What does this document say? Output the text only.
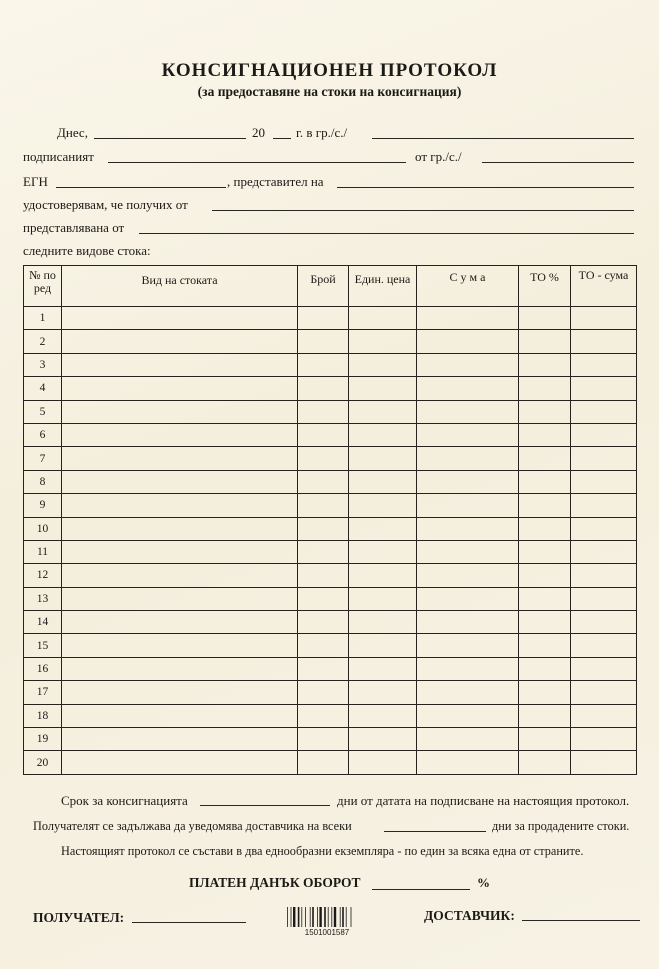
КОНСИГНАЦИОНЕН ПРОТОКОЛ
(за предоставяне на стоки на консигнация)
Днес,	20 г. в гр./с./
подписаният	от гр./с./
ЕГН	, представител на
удостоверявам, че получих от
представлявана от
следните видове стока:
№ по ред	Вид на стоката	Брой	Един. цена	С у м а	ТО %	ТО - сума
1						
2						
3						
4						
5						
6						
7						
8						
9						
10						
11						
12						
13						
14						
15						
16						
17						
18						
19						
20						
Срок за консигнацията	дни от датата на подписване на настоящия протокол.
Получателят се задължава да уведомява доставчика на всеки	дни за продадените стоки.
Настоящият протокол се състави в два еднообразни екземпляра - по един за всяка една от страните.
ПЛАТЕН ДАНЪК ОБОРОТ	%
ПОЛУЧАТЕЛ:
1501001587
ДОСТАВЧИК:
